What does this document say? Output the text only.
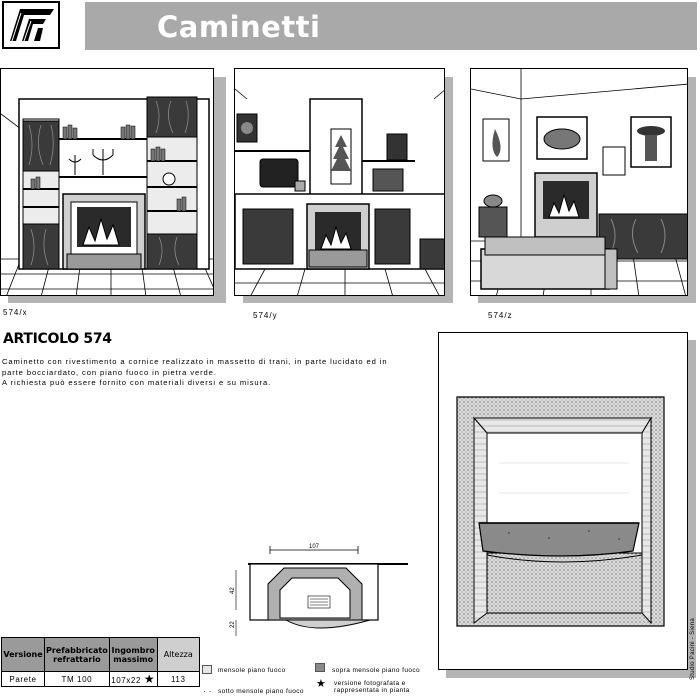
Caminetti
574/x	574/y	574/z
ARTICOLO 574
Caminetto con rivestimento a cornice realizzato in massetto di trani, in parte lucidato ed in
parte bocciardato, con piano fuoco in pietra verde.
A richiesta può essere fornito con materiali diversi e su misura.
Studio Pacini - Siena
107
42
22
Versione	Prefabbricato refrattario	Ingombro massimo	Altezza
Parete	TM 100	107x22 ★	113
mensole piano fuoco	sopra mensole piano fuoco
· · sotto mensole piano fuoco
★ versione fotografata e
rappresentata in pianta
